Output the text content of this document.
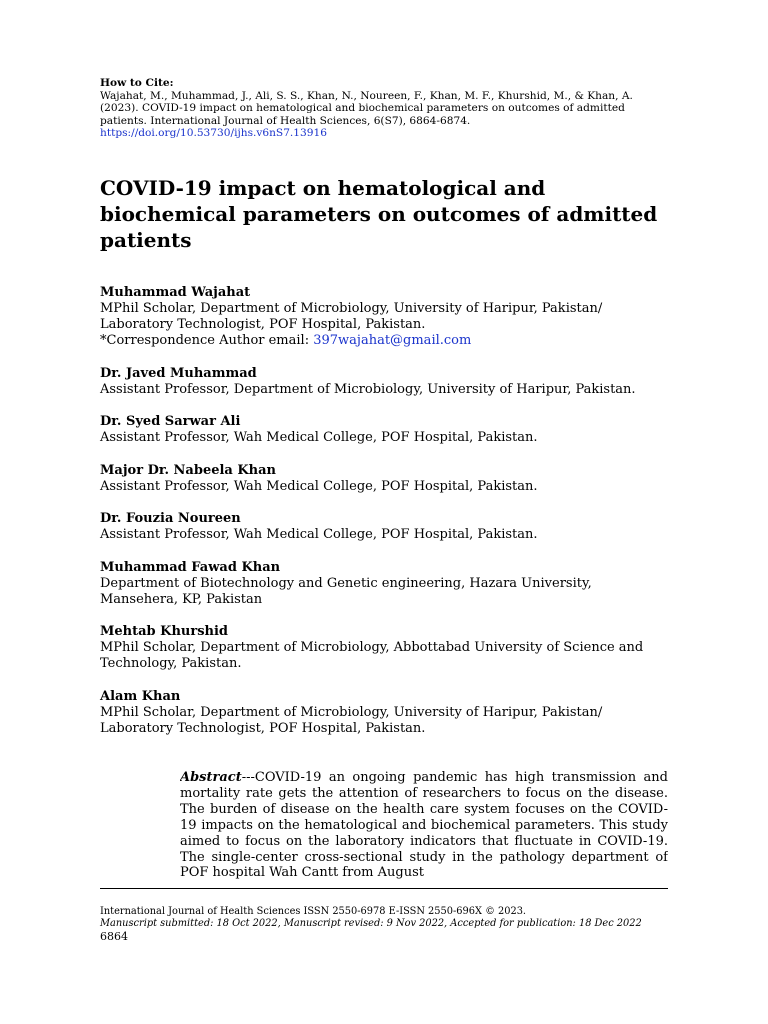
How to Cite:
Wajahat, M., Muhammad, J., Ali, S. S., Khan, N., Noureen, F., Khan, M. F., Khurshid, M., & Khan, A. (2023). COVID-19 impact on hematological and biochemical parameters on outcomes of admitted patients. International Journal of Health Sciences, 6(S7), 6864-6874.
https://doi.org/10.53730/ijhs.v6nS7.13916
COVID-19 impact on hematological and biochemical parameters on outcomes of admitted patients
Muhammad Wajahat
MPhil Scholar, Department of Microbiology, University of Haripur, Pakistan/ Laboratory Technologist, POF Hospital, Pakistan.
*Correspondence Author email: 397wajahat@gmail.com
Dr. Javed Muhammad
Assistant Professor, Department of Microbiology, University of Haripur, Pakistan.
Dr. Syed Sarwar Ali
Assistant Professor, Wah Medical College, POF Hospital, Pakistan.
Major Dr. Nabeela Khan
Assistant Professor, Wah Medical College, POF Hospital, Pakistan.
Dr. Fouzia Noureen
Assistant Professor, Wah Medical College, POF Hospital, Pakistan.
Muhammad Fawad Khan
Department of Biotechnology and Genetic engineering, Hazara University, Mansehera, KP, Pakistan
Mehtab Khurshid
MPhil Scholar, Department of Microbiology, Abbottabad University of Science and Technology, Pakistan.
Alam Khan
MPhil Scholar, Department of Microbiology, University of Haripur, Pakistan/ Laboratory Technologist, POF Hospital, Pakistan.
Abstract---COVID-19 an ongoing pandemic has high transmission and mortality rate gets the attention of researchers to focus on the disease. The burden of disease on the health care system focuses on the COVID-19 impacts on the hematological and biochemical parameters. This study aimed to focus on the laboratory indicators that fluctuate in COVID-19. The single-center cross-sectional study in the pathology department of POF hospital Wah Cantt from August
International Journal of Health Sciences ISSN 2550-6978 E-ISSN 2550-696X © 2023.
Manuscript submitted: 18 Oct 2022, Manuscript revised: 9 Nov 2022, Accepted for publication: 18 Dec 2022
6864
